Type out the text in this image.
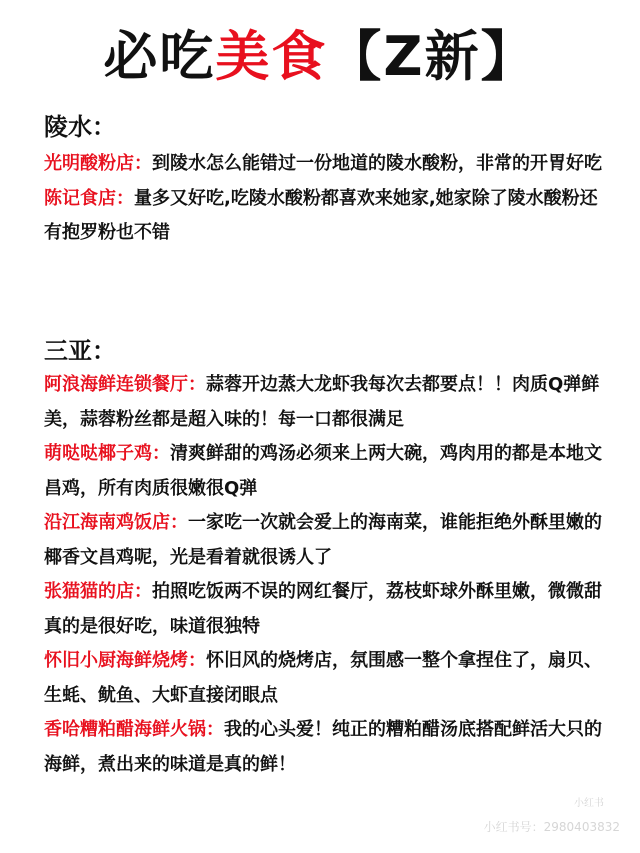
必吃美食【Z新】
陵水：

光明酸粉店：到陵水怎么能错过一份地道的陵水酸粉，非常的开胃好吃

陈记食店：量多又好吃,吃陵水酸粉都喜欢来她家,她家除了陵水酸粉还有抱罗粉也不错

三亚：

阿浪海鲜连锁餐厅：蒜蓉开边蒸大龙虾我每次去都要点！！肉质Q弹鲜美，蒜蓉粉丝都是超入味的！每一口都很满足

萌哒哒椰子鸡：清爽鲜甜的鸡汤必须来上两大碗，鸡肉用的都是本地文昌鸡，所有肉质很嫩很Q弹

沿江海南鸡饭店：一家吃一次就会爱上的海南菜，谁能拒绝外酥里嫩的椰香文昌鸡呢，光是看着就很诱人了

张猫猫的店：拍照吃饭两不误的网红餐厅，荔枝虾球外酥里嫩，微微甜真的是很好吃，味道很独特

怀旧小厨海鲜烧烤：怀旧风的烧烤店，氛围感一整个拿捏住了，扇贝、生蚝、鱿鱼、大虾直接闭眼点

香哈糟粕醋海鲜火锅：我的心头爱！纯正的糟粕醋汤底搭配鲜活大只的海鲜，煮出来的味道是真的鲜！

小红书
小红书号：2980403832
